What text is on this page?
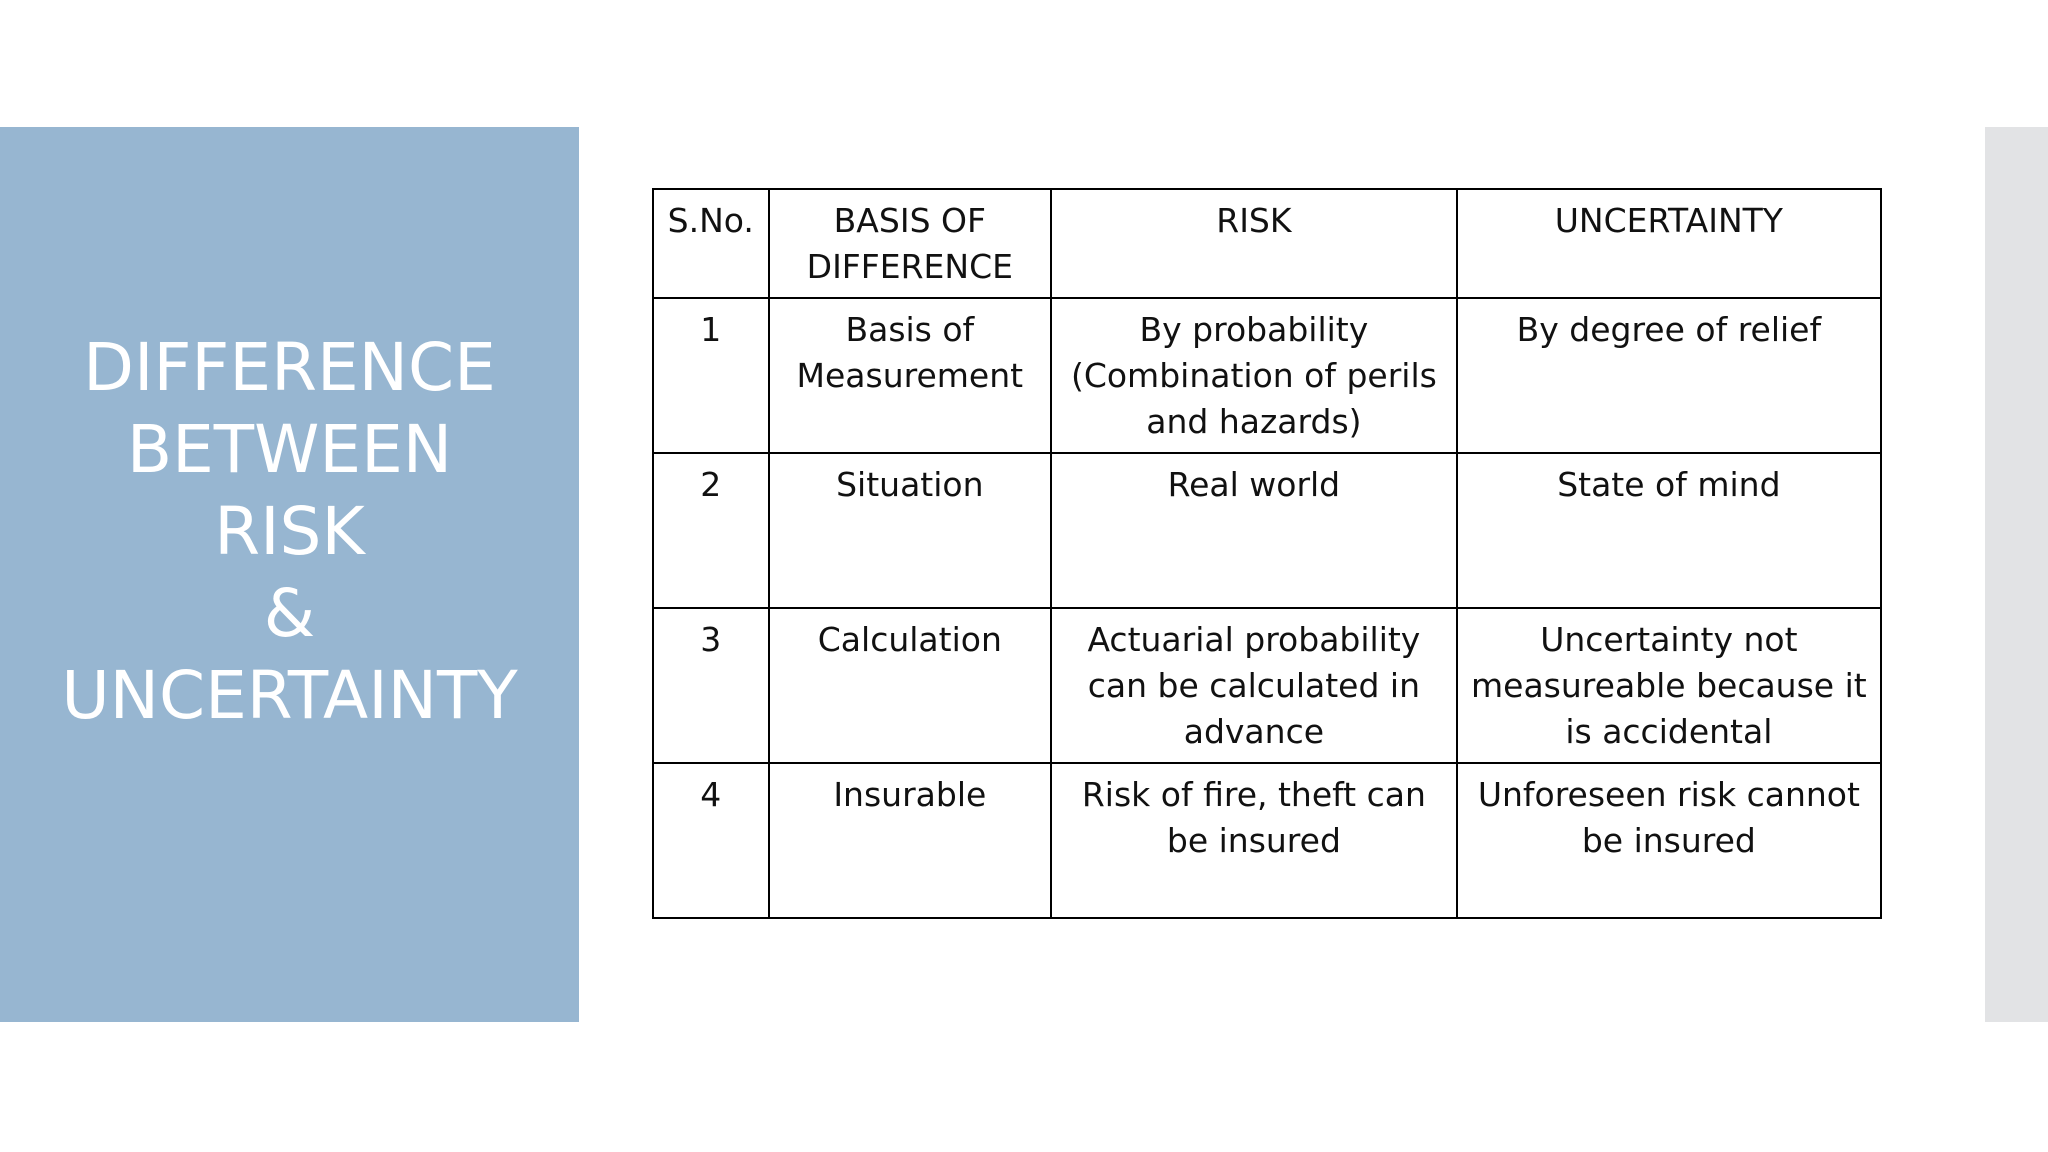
DIFFERENCE
BETWEEN
RISK
&
UNCERTAINTY
S.No.	BASIS OF DIFFERENCE	RISK	UNCERTAINTY
1	Basis of Measurement	By probability (Combination of perils and hazards)	By degree of relief
2	Situation	Real world	State of mind
3	Calculation	Actuarial probability can be calculated in advance	Uncertainty not measureable because it is accidental
4	Insurable	Risk of fire, theft can be insured	Unforeseen risk cannot be insured
